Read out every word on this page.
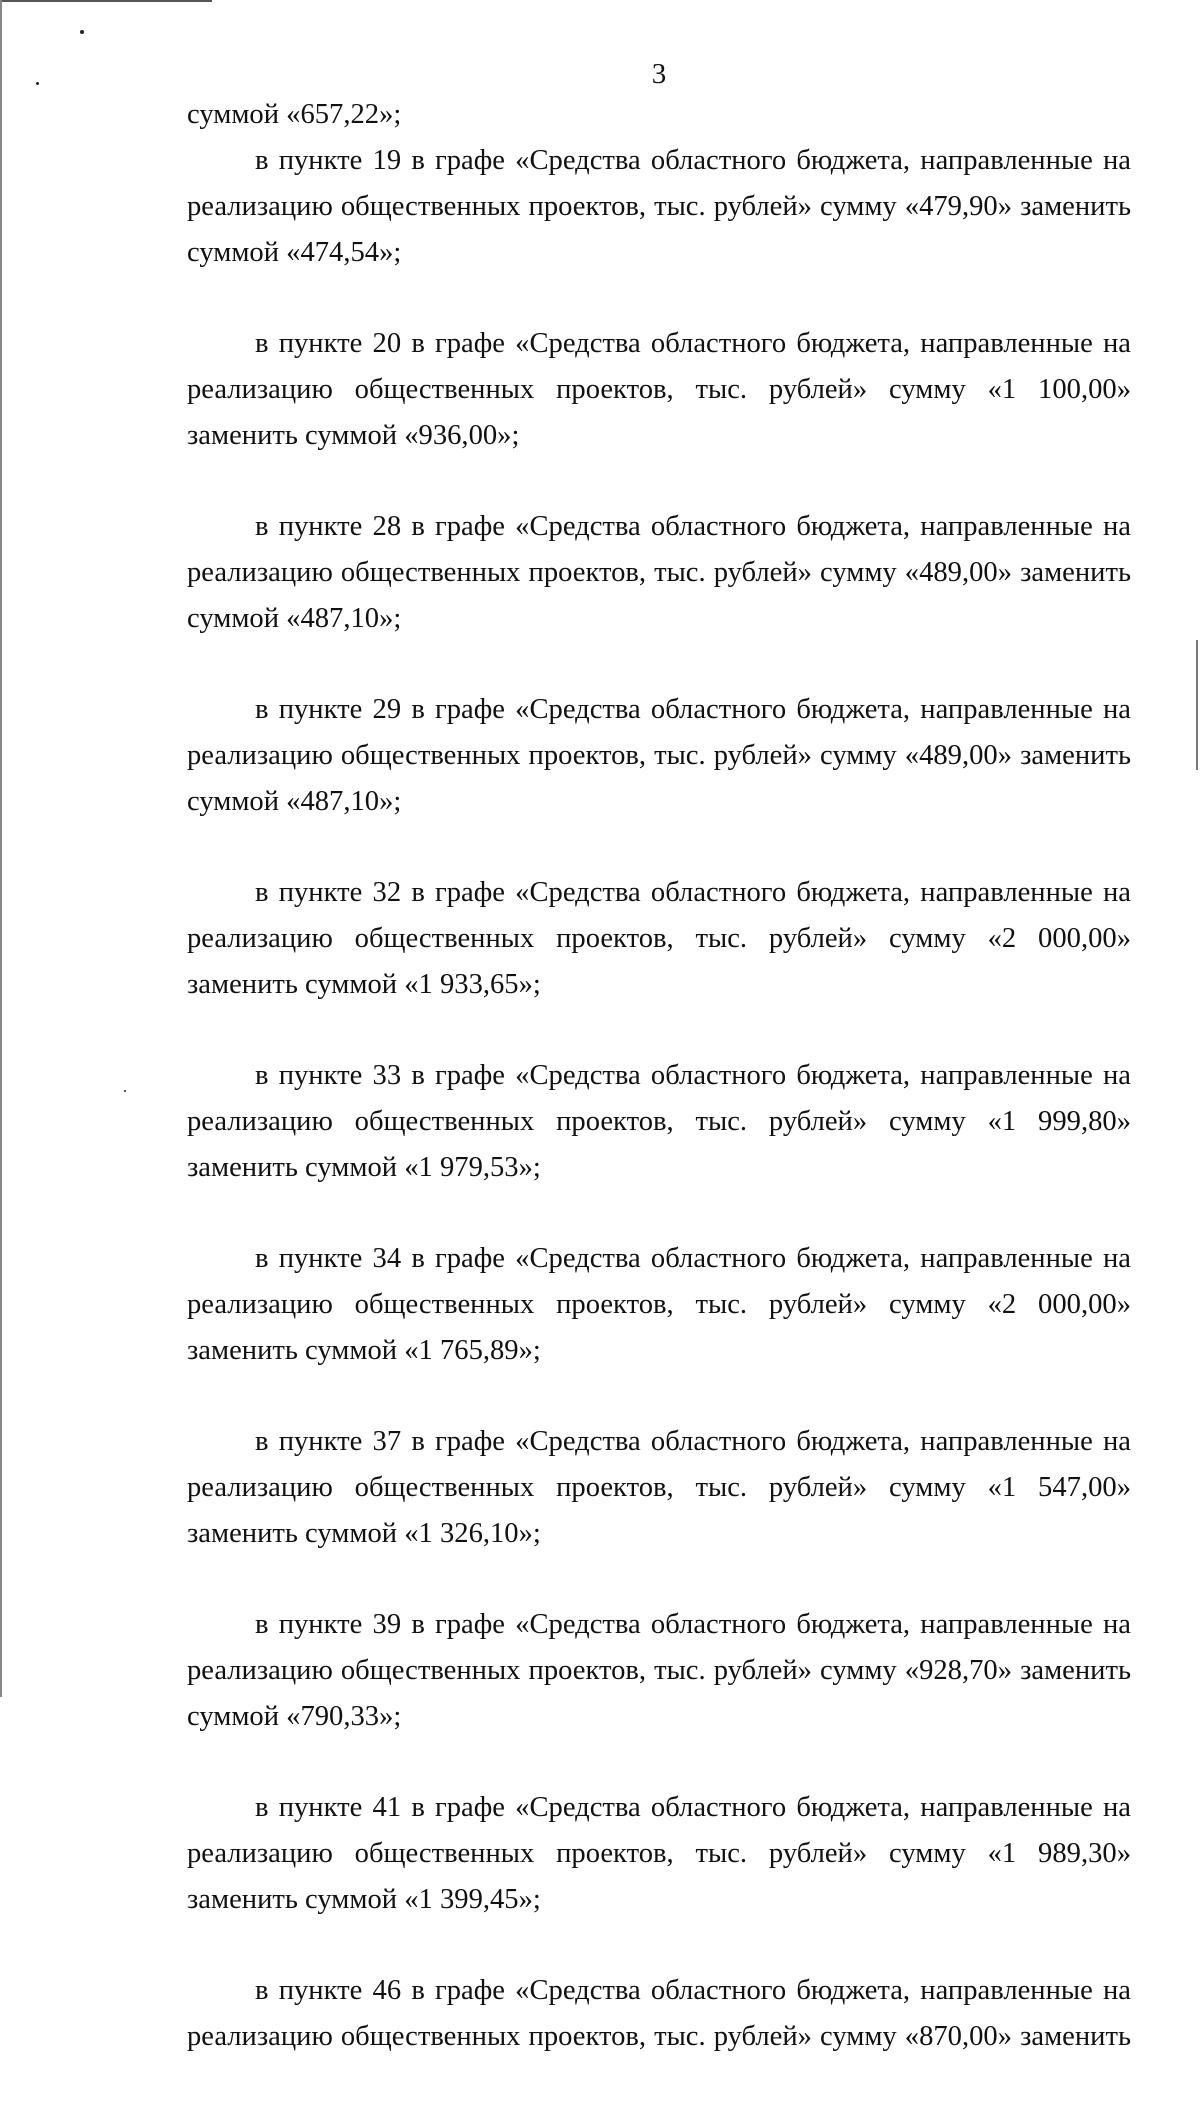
3
суммой «657,22»;
в пункте 19 в графе «Средства областного бюджета, направленные на
реализацию общественных проектов, тыс. рублей» сумму «479,90» заменить
суммой «474,54»;
в пункте 20 в графе «Средства областного бюджета, направленные на
реализацию общественных проектов, тыс. рублей» сумму «1 100,00»
заменить суммой «936,00»;
в пункте 28 в графе «Средства областного бюджета, направленные на
реализацию общественных проектов, тыс. рублей» сумму «489,00» заменить
суммой «487,10»;
в пункте 29 в графе «Средства областного бюджета, направленные на
реализацию общественных проектов, тыс. рублей» сумму «489,00» заменить
суммой «487,10»;
в пункте 32 в графе «Средства областного бюджета, направленные на
реализацию общественных проектов, тыс. рублей» сумму «2 000,00»
заменить суммой «1 933,65»;
в пункте 33 в графе «Средства областного бюджета, направленные на
реализацию общественных проектов, тыс. рублей» сумму «1 999,80»
заменить суммой «1 979,53»;
в пункте 34 в графе «Средства областного бюджета, направленные на
реализацию общественных проектов, тыс. рублей» сумму «2 000,00»
заменить суммой «1 765,89»;
в пункте 37 в графе «Средства областного бюджета, направленные на
реализацию общественных проектов, тыс. рублей» сумму «1 547,00»
заменить суммой «1 326,10»;
в пункте 39 в графе «Средства областного бюджета, направленные на
реализацию общественных проектов, тыс. рублей» сумму «928,70» заменить
суммой «790,33»;
в пункте 41 в графе «Средства областного бюджета, направленные на
реализацию общественных проектов, тыс. рублей» сумму «1 989,30»
заменить суммой «1 399,45»;
в пункте 46 в графе «Средства областного бюджета, направленные на
реализацию общественных проектов, тыс. рублей» сумму «870,00» заменить
